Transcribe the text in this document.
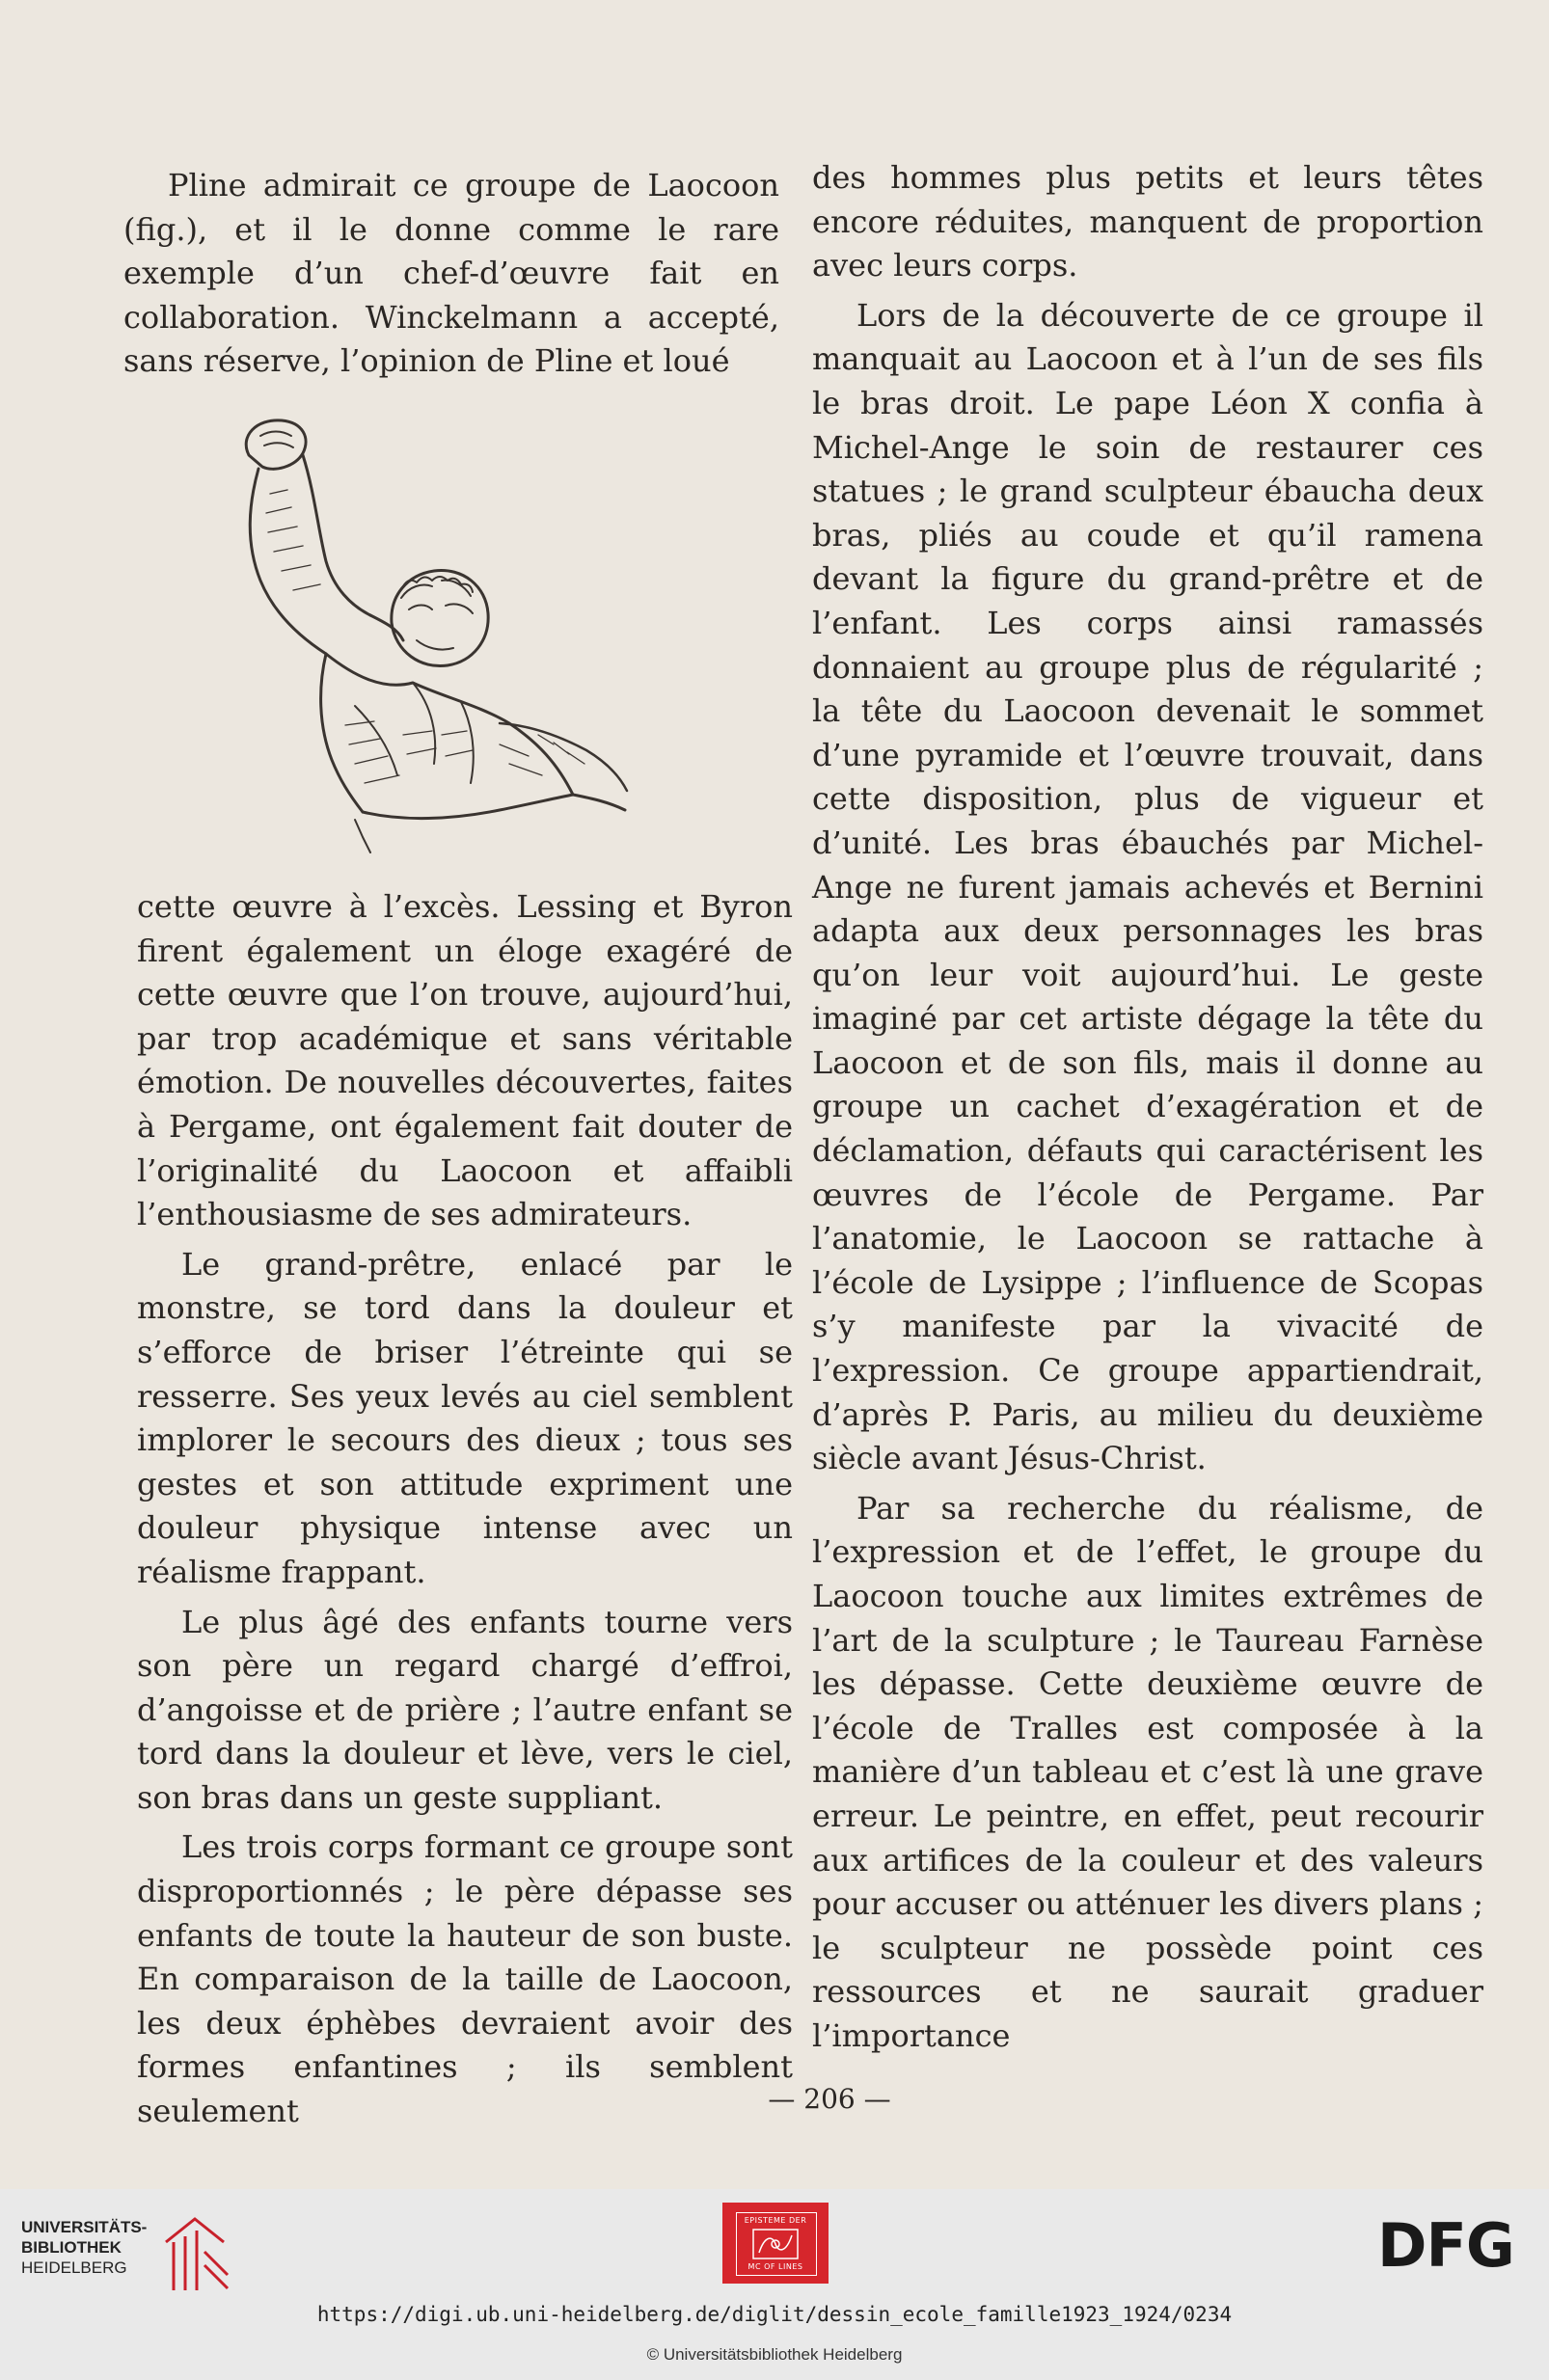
Pline admirait ce groupe de Laocoon (fig.), et il le donne comme le rare exemple d’un chef-d’œuvre fait en collaboration. Winckelmann a accepté, sans réserve, l’opinion de Pline et loué

cette œuvre à l’excès. Lessing et Byron firent également un éloge exagéré de cette œuvre que l’on trouve, aujourd’hui, par trop académique et sans véritable émotion. De nouvelles découvertes, faites à Pergame, ont également fait douter de l’originalité du Laocoon et affaibli l’enthousiasme de ses admirateurs.

Le grand-prêtre, enlacé par le monstre, se tord dans la douleur et s’efforce de briser l’étreinte qui se resserre. Ses yeux levés au ciel semblent implorer le secours des dieux ; tous ses gestes et son attitude expriment une douleur physique intense avec un réalisme frappant.

Le plus âgé des enfants tourne vers son père un regard chargé d’effroi, d’angoisse et de prière ; l’autre enfant se tord dans la douleur et lève, vers le ciel, son bras dans un geste suppliant.

Les trois corps formant ce groupe sont disproportionnés ; le père dépasse ses enfants de toute la hauteur de son buste. En comparaison de la taille de Laocoon, les deux éphèbes devraient avoir des formes enfantines ; ils semblent seulement

des hommes plus petits et leurs têtes encore réduites, manquent de proportion avec leurs corps.

Lors de la découverte de ce groupe il manquait au Laocoon et à l’un de ses fils le bras droit. Le pape Léon X confia à Michel-Ange le soin de restaurer ces statues ; le grand sculpteur ébaucha deux bras, pliés au coude et qu’il ramena devant la figure du grand-prêtre et de l’enfant. Les corps ainsi ramassés donnaient au groupe plus de régularité ; la tête du Laocoon devenait le sommet d’une pyramide et l’œuvre trouvait, dans cette disposition, plus de vigueur et d’unité. Les bras ébauchés par Michel-Ange ne furent jamais achevés et Bernini adapta aux deux personnages les bras qu’on leur voit aujourd’hui. Le geste imaginé par cet artiste dégage la tête du Laocoon et de son fils, mais il donne au groupe un cachet d’exagération et de déclamation, défauts qui caractérisent les œuvres de l’école de Pergame. Par l’anatomie, le Laocoon se rattache à l’école de Lysippe ; l’influence de Scopas s’y manifeste par la vivacité de l’expression. Ce groupe appartiendrait, d’après P. Paris, au milieu du deuxième siècle avant Jésus-Christ.

Par sa recherche du réalisme, de l’expression et de l’effet, le groupe du Laocoon touche aux limites extrêmes de l’art de la sculpture ; le Taureau Farnèse les dépasse. Cette deuxième œuvre de l’école de Tralles est composée à la manière d’un tableau et c’est là une grave erreur. Le peintre, en effet, peut recourir aux artifices de la couleur et des valeurs pour accuser ou atténuer les divers plans ; le sculpteur ne possède point ces ressources et ne saurait graduer l’importance

— 206 —
UNIVERSITÄTS-
BIBLIOTHEK
HEIDELBERG
EPISTEME DER
MC OF LINES	DFG
https://digi.ub.uni-heidelberg.de/diglit/dessin_ecole_famille1923_1924/0234
© Universitätsbibliothek Heidelberg
